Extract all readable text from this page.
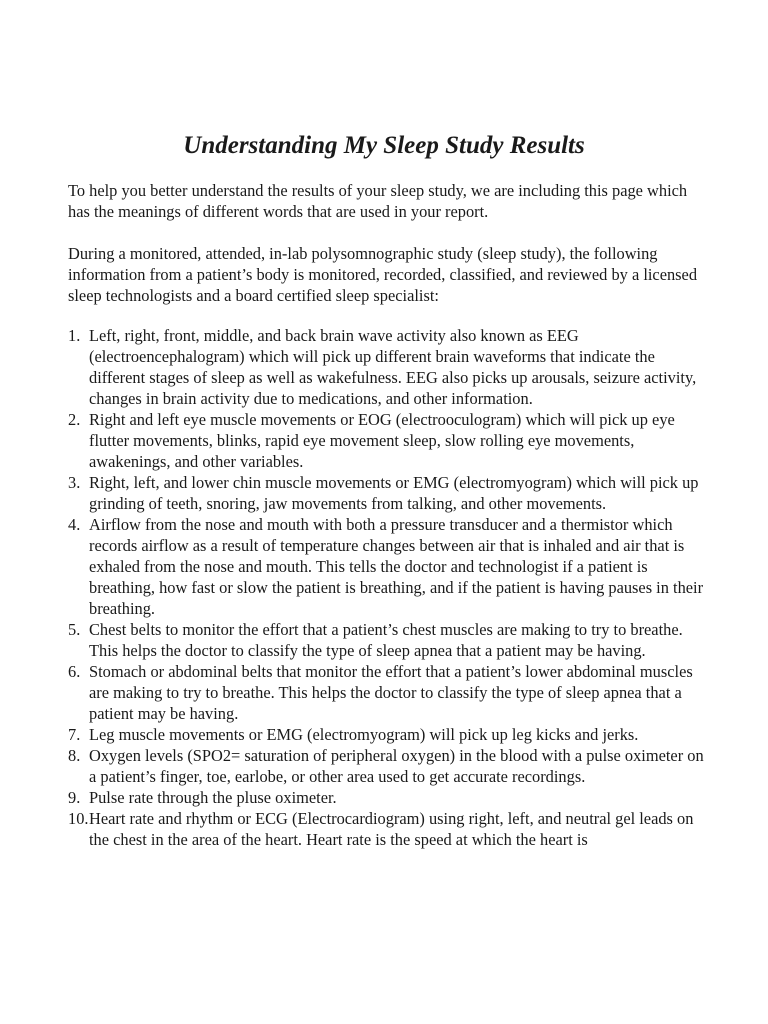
Understanding My Sleep Study Results

To help you better understand the results of your sleep study, we are including this page which has the meanings of different words that are used in your report.

During a monitored, attended, in-lab polysomnographic study (sleep study), the following information from a patient’s body is monitored, recorded, classified, and reviewed by a licensed sleep technologists and a board certified sleep specialist:

1. Left, right, front, middle, and back brain wave activity also known as EEG (electroencephalogram) which will pick up different brain waveforms that indicate the different stages of sleep as well as wakefulness. EEG also picks up arousals, seizure activity, changes in brain activity due to medications, and other information.
2. Right and left eye muscle movements or EOG (electrooculogram) which will pick up eye flutter movements, blinks, rapid eye movement sleep, slow rolling eye movements, awakenings, and other variables.
3. Right, left, and lower chin muscle movements or EMG (electromyogram) which will pick up grinding of teeth, snoring, jaw movements from talking, and other movements.
4. Airflow from the nose and mouth with both a pressure transducer and a thermistor which records airflow as a result of temperature changes between air that is inhaled and air that is exhaled from the nose and mouth. This tells the doctor and technologist if a patient is breathing, how fast or slow the patient is breathing, and if the patient is having pauses in their breathing.
5. Chest belts to monitor the effort that a patient’s chest muscles are making to try to breathe. This helps the doctor to classify the type of sleep apnea that a patient may be having.
6. Stomach or abdominal belts that monitor the effort that a patient’s lower abdominal muscles are making to try to breathe. This helps the doctor to classify the type of sleep apnea that a patient may be having.
7. Leg muscle movements or EMG (electromyogram) will pick up leg kicks and jerks.
8. Oxygen levels (SPO2= saturation of peripheral oxygen) in the blood with a pulse oximeter on a patient’s finger, toe, earlobe, or other area used to get accurate recordings.
9. Pulse rate through the pluse oximeter.
10. Heart rate and rhythm or ECG (Electrocardiogram) using right, left, and neutral gel leads on the chest in the area of the heart. Heart rate is the speed at which the heart is
